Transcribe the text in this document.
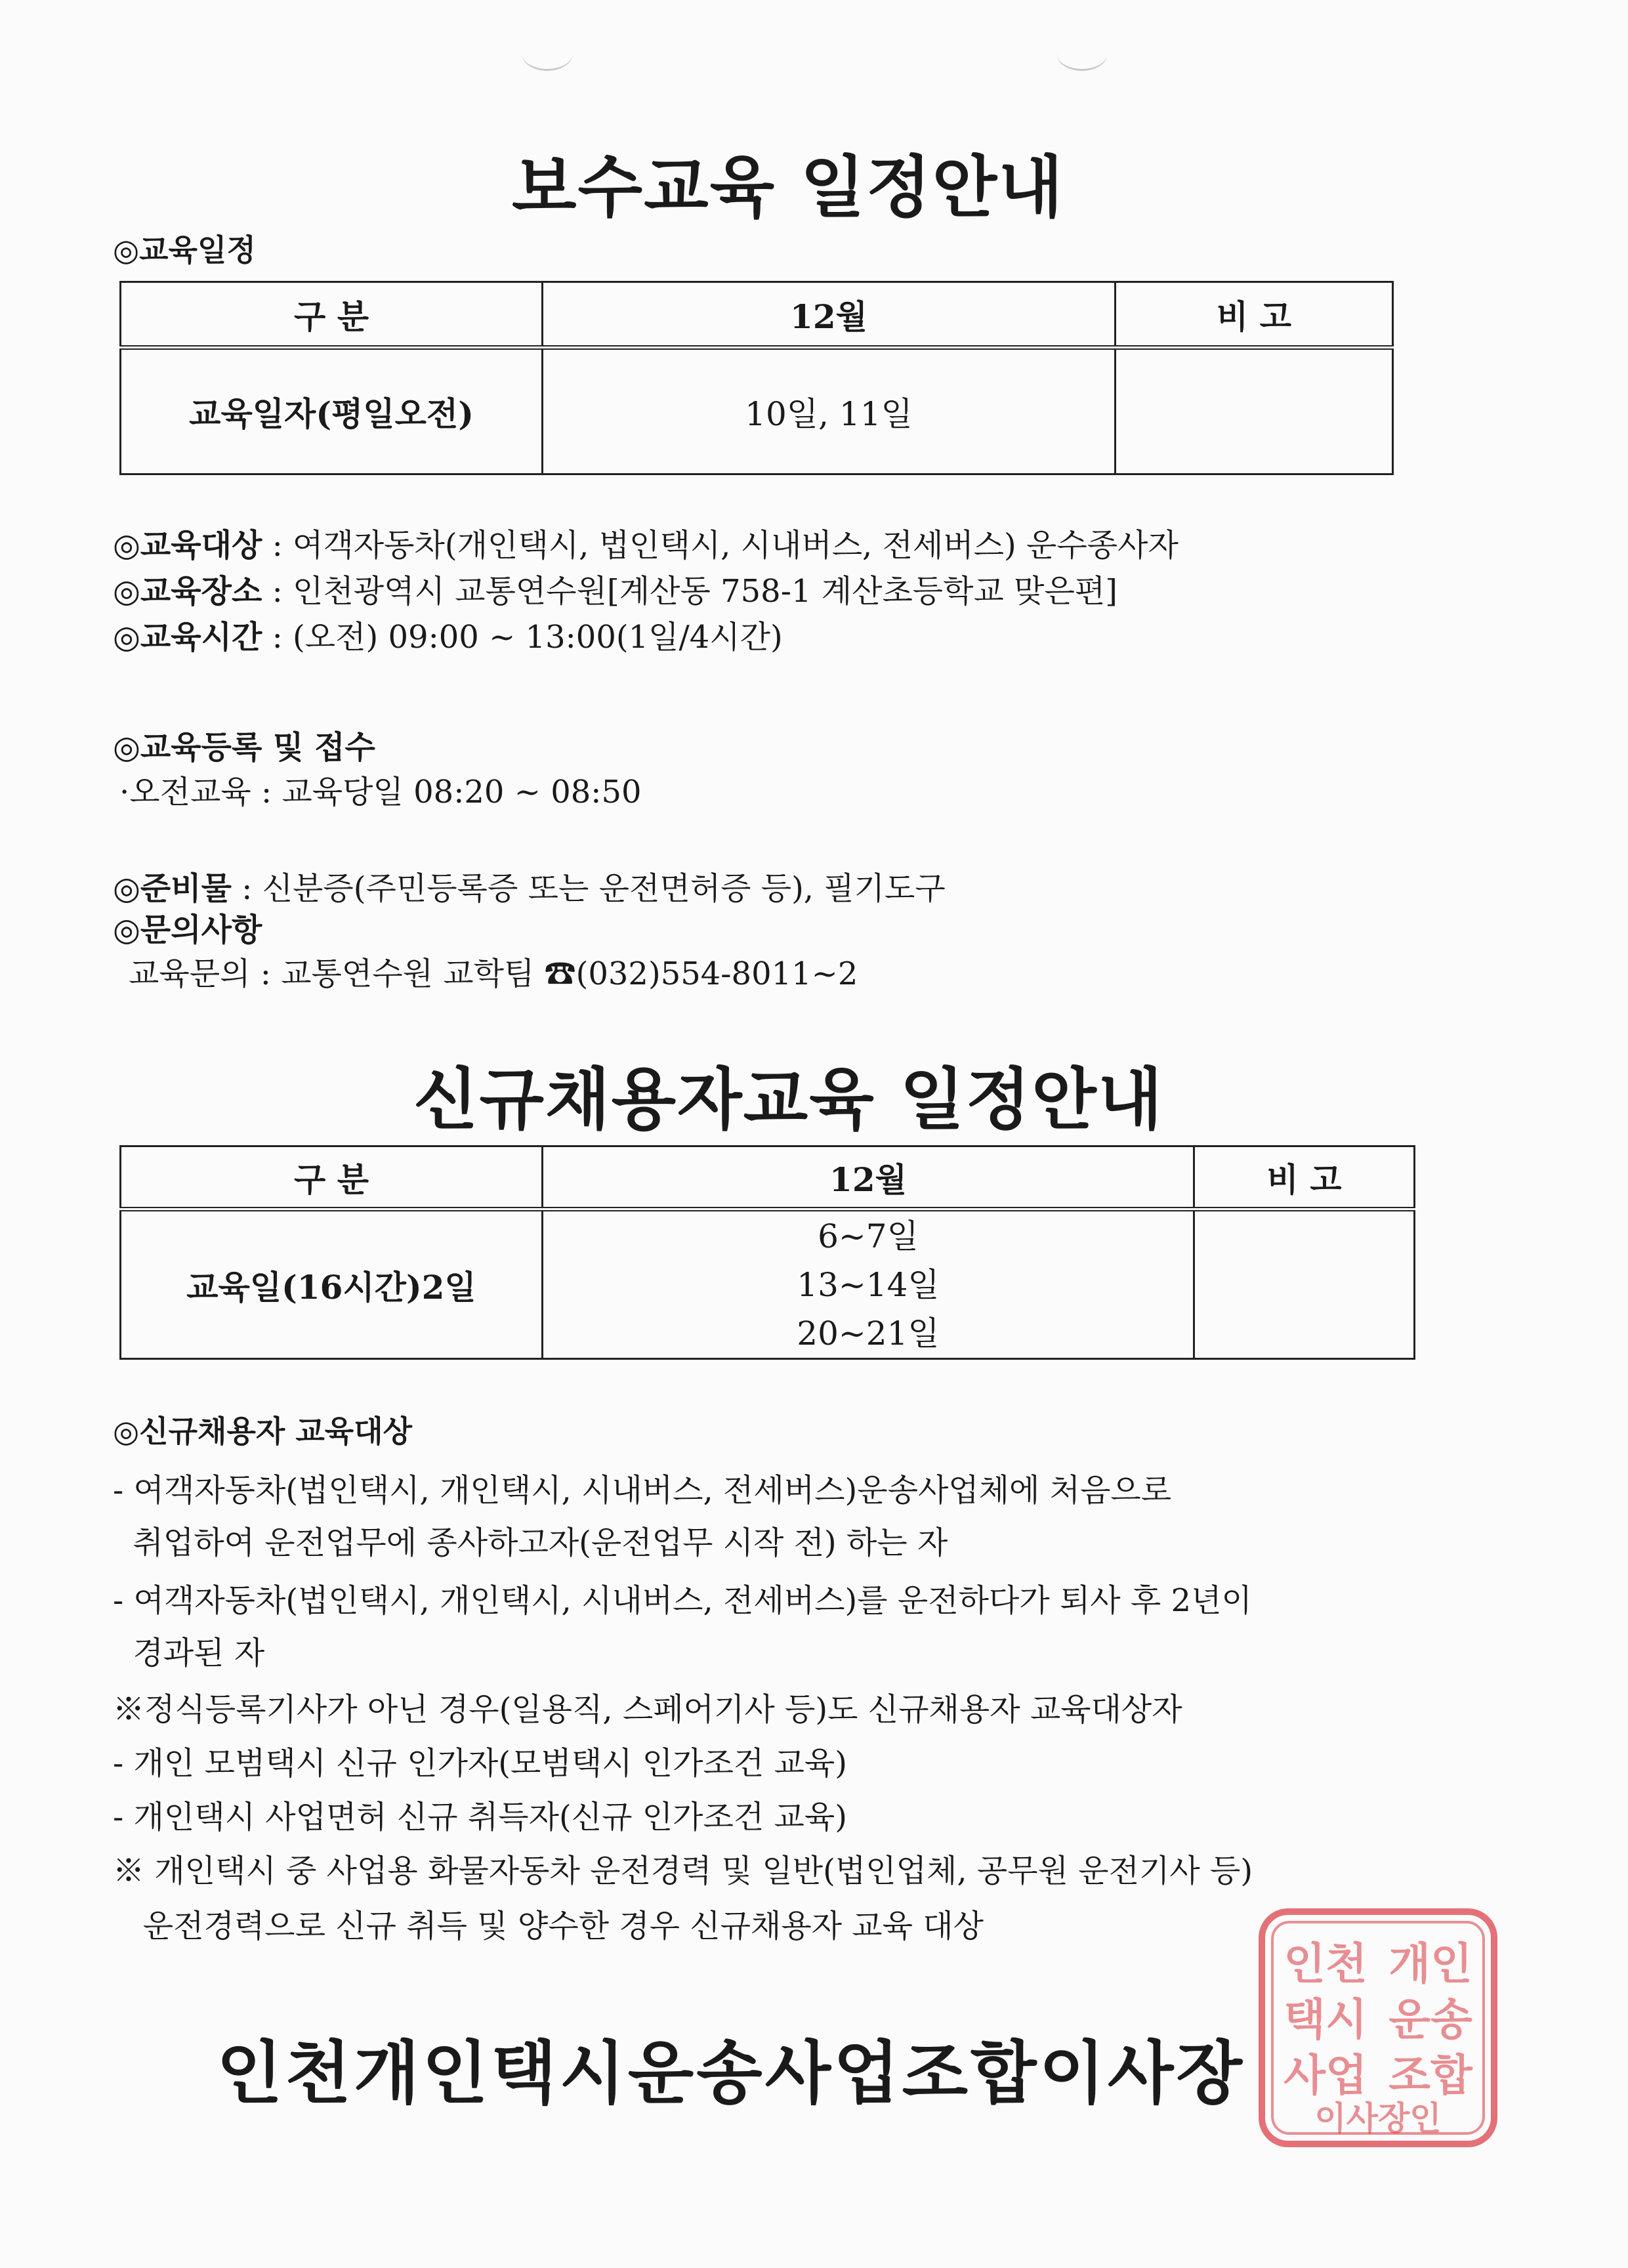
보수교육 일정안내
◎교육일정
구 분	12월	비 고
교육일자(평일오전)	10일, 11일	
◎교육대상 : 여객자동차(개인택시, 법인택시, 시내버스, 전세버스) 운수종사자
◎교육장소 : 인천광역시 교통연수원[계산동 758-1 계산초등학교 맞은편]
◎교육시간 : (오전) 09:00 ~ 13:00(1일/4시간)
◎교육등록 및 접수
·오전교육 : 교육당일 08:20 ~ 08:50
◎준비물 : 신분증(주민등록증 또는 운전면허증 등), 필기도구
◎문의사항
교육문의 : 교통연수원 교학팀 ☎(032)554-8011~2
신규채용자교육 일정안내
구 분	12월	비 고
교육일(16시간)2일	6~7일
13~14일
20~21일	

◎신규채용자 교육대상
- 여객자동차(법인택시, 개인택시, 시내버스, 전세버스)운송사업체에 처음으로
취업하여 운전업무에 종사하고자(운전업무 시작 전) 하는 자
- 여객자동차(법인택시, 개인택시, 시내버스, 전세버스)를 운전하다가 퇴사 후 2년이
경과된 자
※정식등록기사가 아닌 경우(일용직, 스페어기사 등)도 신규채용자 교육대상자
- 개인 모범택시 신규 인가자(모범택시 인가조건 교육)
- 개인택시 사업면허 신규 취득자(신규 인가조건 교육)
※ 개인택시 중 사업용 화물자동차 운전경력 및 일반(법인업체, 공무원 운전기사 등)
운전경력으로 신규 취득 및 양수한 경우 신규채용자 교육 대상
인천 개인
택시 운송
사업 조합
이사장인
인천개인택시운송사업조합이사장
